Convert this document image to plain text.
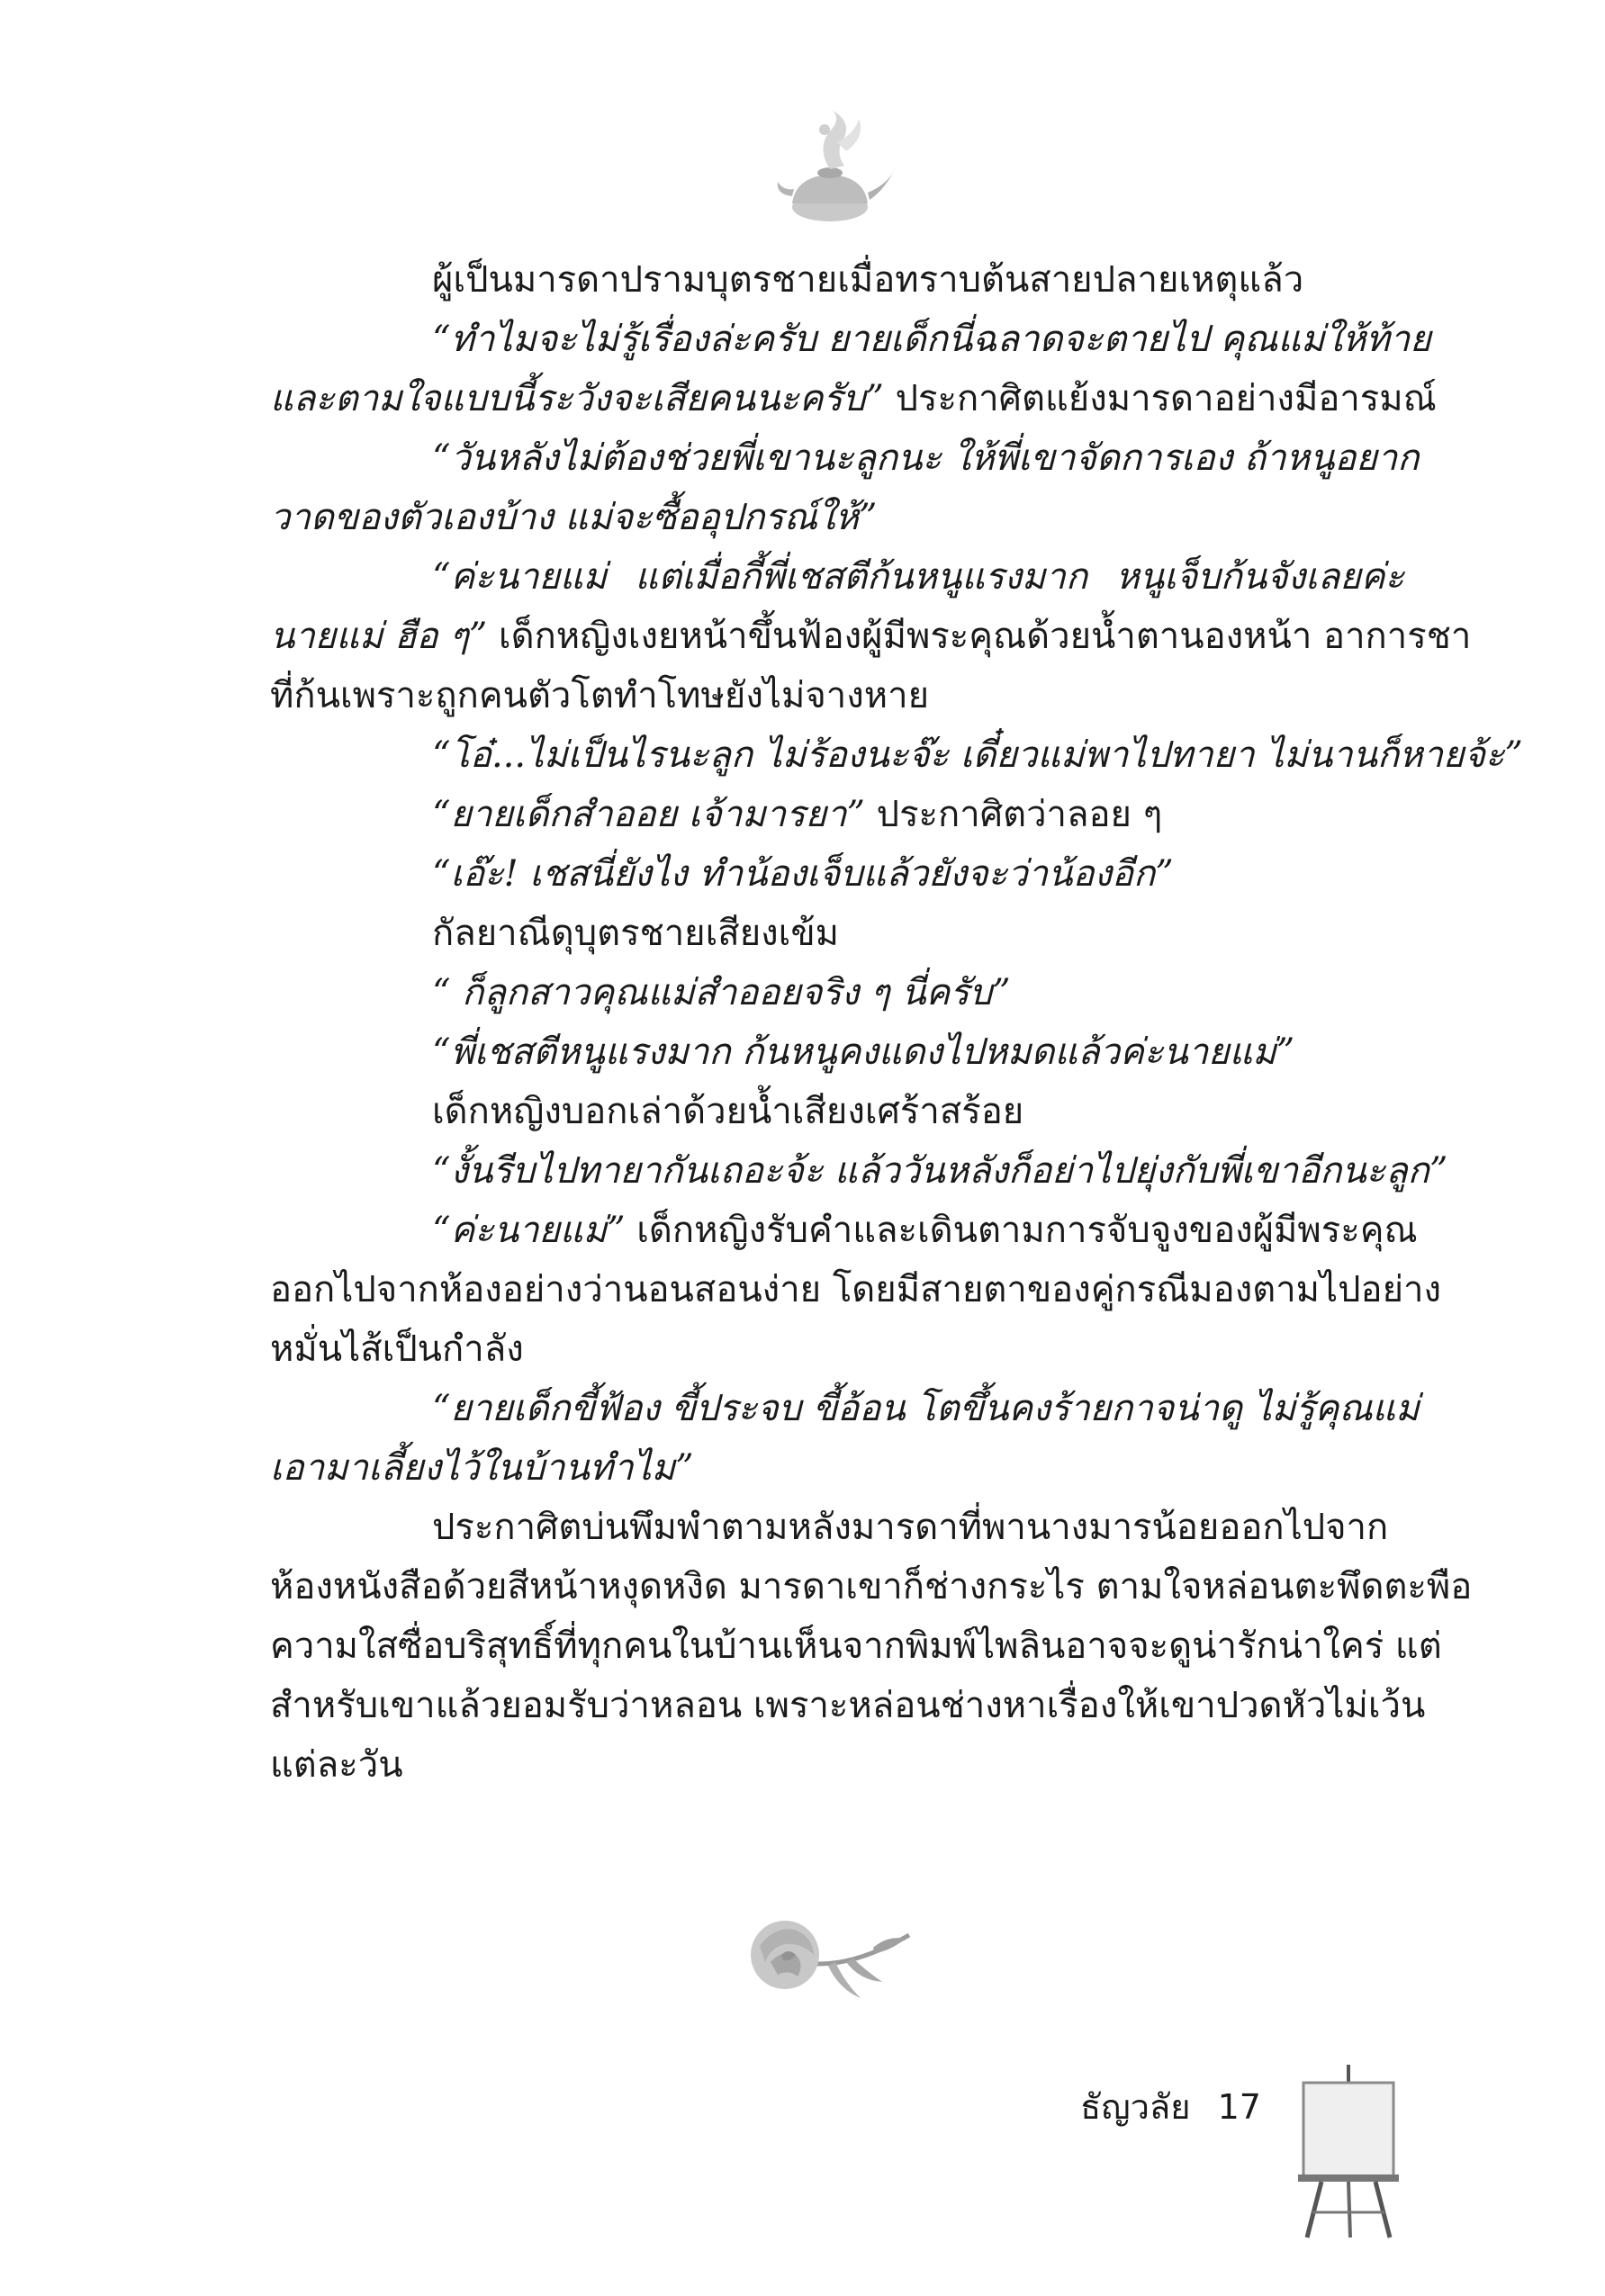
ผู้เป็นมารดาปรามบุตรชายเมื่อทราบต้นสายปลายเหตุแล้ว
“ทำไมจะไม่รู้เรื่องล่ะครับ ยายเด็กนี่ฉลาดจะตายไป คุณแม่ให้ท้าย
และตามใจแบบนี้ระวังจะเสียคนนะครับ” ประกาศิตแย้งมารดาอย่างมีอารมณ์
“วันหลังไม่ต้องช่วยพี่เขานะลูกนะ ให้พี่เขาจัดการเอง ถ้าหนูอยาก
วาดของตัวเองบ้าง แม่จะซื้ออุปกรณ์ให้”
“ค่ะนายแม่ แต่เมื่อกี้พี่เชสตีก้นหนูแรงมาก หนูเจ็บก้นจังเลยค่ะ
นายแม่ ฮือ ๆ” เด็กหญิงเงยหน้าขึ้นฟ้องผู้มีพระคุณด้วยน้ำตานองหน้า อาการชา
ที่ก้นเพราะถูกคนตัวโตทำโทษยังไม่จางหาย
“โอ๋...ไม่เป็นไรนะลูก ไม่ร้องนะจ๊ะ เดี๋ยวแม่พาไปทายา ไม่นานก็หายจ้ะ”
“ยายเด็กสำออย เจ้ามารยา” ประกาศิตว่าลอย ๆ
“เอ๊ะ! เชสนี่ยังไง ทำน้องเจ็บแล้วยังจะว่าน้องอีก”
กัลยาณีดุบุตรชายเสียงเข้ม
“ ก็ลูกสาวคุณแม่สำออยจริง ๆ นี่ครับ”
“พี่เชสตีหนูแรงมาก ก้นหนูคงแดงไปหมดแล้วค่ะนายแม่”
เด็กหญิงบอกเล่าด้วยน้ำเสียงเศร้าสร้อย
“งั้นรีบไปทายากันเถอะจ้ะ แล้ววันหลังก็อย่าไปยุ่งกับพี่เขาอีกนะลูก”
“ค่ะนายแม่” เด็กหญิงรับคำและเดินตามการจับจูงของผู้มีพระคุณ
ออกไปจากห้องอย่างว่านอนสอนง่าย โดยมีสายตาของคู่กรณีมองตามไปอย่าง
หมั่นไส้เป็นกำลัง
“ยายเด็กขี้ฟ้อง ขี้ประจบ ขี้อ้อน โตขึ้นคงร้ายกาจน่าดู ไม่รู้คุณแม่
เอามาเลี้ยงไว้ในบ้านทำไม”
ประกาศิตบ่นพึมพำตามหลังมารดาที่พานางมารน้อยออกไปจาก
ห้องหนังสือด้วยสีหน้าหงุดหงิด มารดาเขาก็ช่างกระไร ตามใจหล่อนตะพึดตะพือ
ความใสซื่อบริสุทธิ์ที่ทุกคนในบ้านเห็นจากพิมพ์ไพลินอาจจะดูน่ารักน่าใคร่ แต่
สำหรับเขาแล้วยอมรับว่าหลอน เพราะหล่อนช่างหาเรื่องให้เขาปวดหัวไม่เว้น
แต่ละวัน
ธัญวลัย 17
